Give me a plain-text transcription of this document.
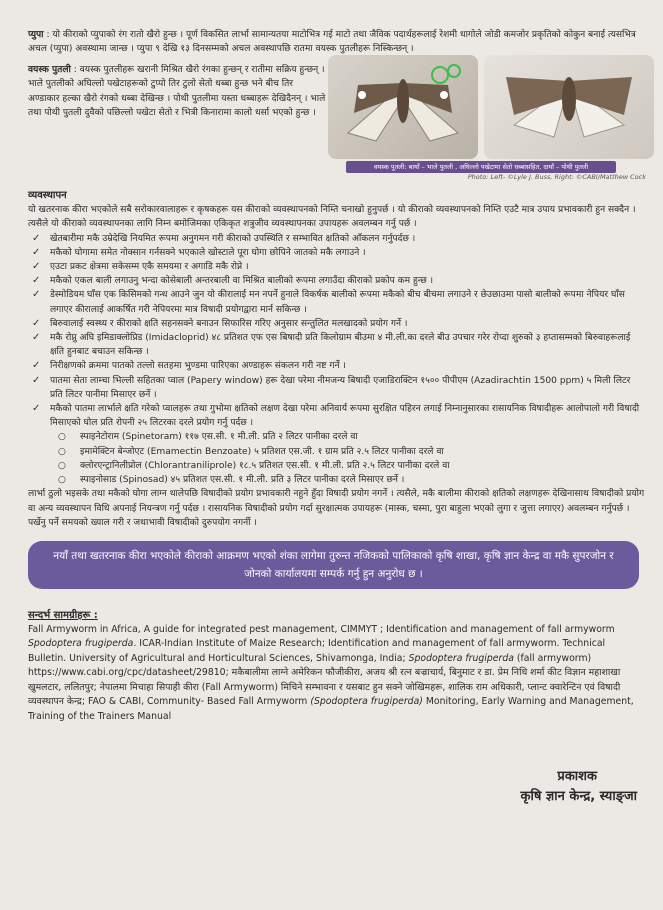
प्युपा : यो कीराको प्युपाको रंग रातो खैरो हुन्छ । पूर्ण विकसित लार्भा सामान्यतया माटोभित्र गई माटो तथा जैविक पदार्थहरूलाई रेशमी धागोले जोडी कमजोर प्रकृतिको कोकुन बनाई त्यसभित्र अचल (प्युपा) अवस्थामा जान्छ । प्युपा ९ देखि १३ दिनसम्मको अचल अवस्थापछि रातमा वयस्क पुतलीहरू निस्किन्छन् ।

वयस्क पुतली : वयस्क पुतलीहरू खरानी मिश्रित खैरो रंगका हुन्छन् र रातीमा सक्रिय हुन्छन् । भाले पुतलीको अघिल्लो पखेटाहरूको टुप्पो तिर टुलो सेतो धब्बा हुन्छ भने बीच तिर अण्डाकार हल्का खैरो रंगको धब्बा देखिन्छ । पोथी पुतलीमा यस्ता धब्बाहरू देखिदैनन् । भाले तथा पोथी पुतली दुवैको पछिल्लो पखेटा सेतो र भित्री किनारामा कालो धर्सा भएको हुन्छ ।

वयस्क पुतली: बायाँ – भाले पुतली , अघिल्लो पखेटामा सेतो धब्बासहित, दायाँ – पोथी पुतली
Photo: Left- ©Lyle J. Buss, Right: ©CABI/Matthew Cock
व्यवस्थापन

यो खतरनाक कीरा भएकोले सबै सरोकारवालाहरू र कृषकहरू यस कीराको व्यवस्थापनको निम्ति चनाखो हुनुपर्छ । यो कीराको व्यवस्थापनको निम्ति एउटै मात्र उपाय प्रभावकारी हुन सक्दैन । त्यसैले यो कीराको व्यवस्थापनका लागि निम्न बमोजिमका एकिकृत शत्रुजीव व्यवस्थापनका उपायहरू अवलम्बन गर्नु पर्छ ।

✓ खेतबारीमा मकै उम्रेदेखि नियमित रूपमा अनुगमन गरी कीराको उपस्थिति र सम्भावित क्षतिको आँकलन गर्नुपर्दछ ।
✓ मकैको घोगामा समेत नोक्सान गर्नसक्ने भएकाले खोस्टाले पूरा घोगा छोपिने जातको मकै लगाउने ।
✓ एउटा प्रकट क्षेत्रमा सकेसम्म एकै समयमा र अगाडि मकै रोप्ने ।
✓ मकैको एकल बाली लगाउनु भन्दा कोसेबाली अन्तरबाली वा मिश्रित बालीको रूपमा लगाउँदा कीराको प्रकोप कम हुन्छ ।
✓ डेस्मोडियम घाँस एक किसिमको गन्ध आउने जुन यो कीरालाई मन नपर्ने हुनाले विकर्षक बालीको रूपमा मकैको बीच बीचमा लगाउने र छेउछाउमा पासो बालीको रूपमा नेपियर घाँस लगाएर कीरालाई आकर्षित गरी नेपियरमा मात्र विषादी प्रयोगद्वारा मार्न सकिन्छ ।
✓ बिरुवालाई स्वस्थ्य र कीराको क्षति सहनसक्ने बनाउन सिफारिस गरिए अनुसार सन्तुलित मलखादको प्रयोग गर्ने ।
✓ मकै रोप्नु अघि इमिडाक्लोप्रिड (Imidacloprid) ४८ प्रतिशत एफ एस बिषादी प्रति किलोग्राम बीउमा ४ मी.ली.का दरले बीउ उपचार गरेर रोप्दा शुरुको ३ हप्तासम्मको बिरुवाहरूलाई क्षति हुनबाट बचाउन सकिन्छ ।
✓ निरीक्षणको क्रममा पातको तल्लो सतहमा भुण्डमा पारिएका अण्डाहरू संकलन गरी नष्ट गर्ने ।
✓ पातमा सेता लाम्चा भिल्ली सहितका प्वाल (Papery window) हरू देखा परेमा नीमजन्य बिषादी एजाडिराक्टिन १५०० पीपीएम (Azadirachtin 1500 ppm) ५ मिली लिटर प्रति लिटर पानीमा मिसाएर छर्ने ।
✓ मकैको पातमा लार्भाले क्षति गरेको प्वालहरू तथा गुभोमा क्षतिको लक्षण देखा परेमा अनिवार्य रूपमा सुरक्षित पहिरन लगाई निम्नानुसारका रासायनिक विषादीहरू आलोपालो गरी विषादी मिसाएको घोल प्रति रोपनी २५ लिटरका दरले प्रयोग गर्नु पर्दछ ।
○ स्पाइनेटोराम (Spinetoram) ११७ एस.सी. १ मी.ली. प्रति २ लिटर पानीका दरले वा
○ इमामेक्टिन बेन्जोएट (Emamectin Benzoate) ५ प्रतिशत एस.जी. १ ग्राम प्रति २.५ लिटर पानीका दरले वा
○ क्लोरएन्ट्रानिलीप्रोल (Chlorantraniliprole) १८.५ प्रतिशत एस.सी. १ मी.ली. प्रति २.५ लिटर पानीका दरले वा
○ स्पाइनोसाड (Spinosad) ४५ प्रतिशत एस.सी. १ मी.ली. प्रति ३ लिटर पानीका दरले मिसाएर छर्ने ।

लार्भा ठुलो भइसके तथा मकैको घोगा लाग्न थालेपछि विषादीको प्रयोग प्रभावकारी नहुने हुँदा विषादी प्रयोग नगर्ने । त्यसैले, मकै बालीमा कीराको क्षतिको लक्षणहरू देखिनासाथ विषादीको प्रयोग वा अन्य व्यवस्थापन विधि अपनाई नियन्त्रण गर्नु पर्दछ । रासायनिक विषादीको प्रयोग गर्दा सुरक्षात्मक उपायहरू (मास्क, चस्मा, पुरा बाहुला भएको लुगा र जुत्ता लगाएर) अवलम्बन गर्नुपर्छ । पर्खेनु पर्ने समयको ख्याल गरी र जथाभावी विषादीको दुरुपयोग नगर्नी ।

नयाँ तथा खतरनाक कीरा भएकोले कीराको आक्रमण भएको शंका लागेमा तुरुन्त नजिकको पालिकाको कृषि शाखा, कृषि ज्ञान केन्द्र वा मकै सुपरजोन र जोनको कार्यालयमा सम्पर्क गर्नु हुन अनुरोध छ ।
सन्दर्भ सामग्रीहरू :

Fall Armyworm in Africa, A guide for integrated pest management, CIMMYT ; Identification and management of fall armyworm Spodoptera frugiperda. ICAR-Indian Institute of Maize Research; Identification and management of fall armyworm. Technical Bulletin. University of Agricultural and Horticultural Sciences, Shivamonga, India; Spodoptera frugiperda (fall armyworm) https://www.cabi.org/cpc/datasheet/29810; मकैबालीमा लाग्ने अमेरिकन फौजीकीरा, अजय श्री रत्न बज्राचार्य, बिनुमाट र डा. प्रेम निधि शर्मा कीट विज्ञान महाशाखा खुमलटार, ललितपुर; नेपालमा मिचाहा सिपाही कीरा (Fall Armyworm) मिचिने सम्भावना र यसबाट हुन सक्ने जोखिमहरू, शालिक राम अधिकारी, प्लान्ट क्वारेन्टिन एवं विषादी व्यवस्थापन केन्द्र; FAO & CABI, Community- Based Fall Armyworm (Spodoptera frugiperda) Monitoring, Early Warning and Management, Training of the Trainers Manual

प्रकाशक
कृषि ज्ञान केन्द्र, स्याङ्जा
